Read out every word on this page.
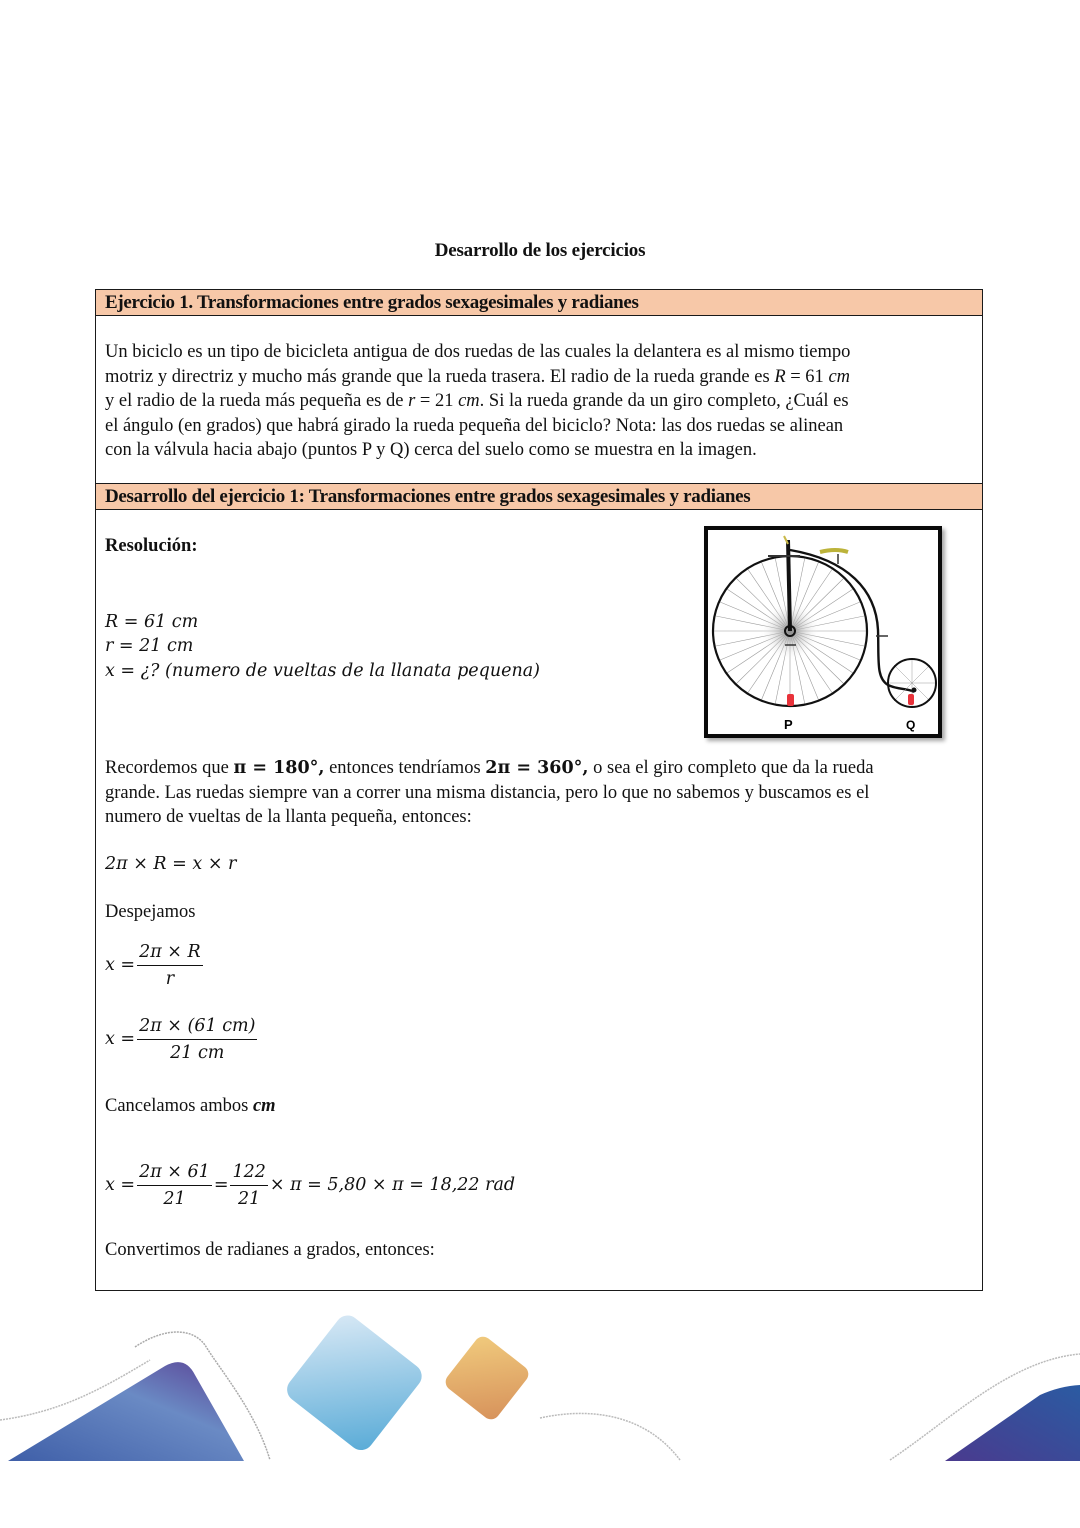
Desarrollo de los ejercicios
Ejercicio 1. Transformaciones entre grados sexagesimales y radianes
Un biciclo es un tipo de bicicleta antigua de dos ruedas de las cuales la delantera es al mismo tiempo
motriz y directriz y mucho más grande que la rueda trasera. El radio de la rueda grande es R = 61 cm
y el radio de la rueda más pequeña es de r = 21 cm. Si la rueda grande da un giro completo, ¿Cuál es
el ángulo (en grados) que habrá girado la rueda pequeña del biciclo? Nota: las dos ruedas se alinean
con la válvula hacia abajo (puntos P y Q) cerca del suelo como se muestra en la imagen.
Desarrollo del ejercicio 1: Transformaciones entre grados sexagesimales y radianes
Resolución:
R = 61 cm
r = 21 cm
x = ¿? (numero de vueltas de la llanata pequena)
P	Q
Recordemos que π = 180°, entonces tendríamos 2π = 360°, o sea el giro completo que da la rueda
grande. Las ruedas siempre van a correr una misma distancia, pero lo que no sabemos y buscamos es el
numero de vueltas de la llanta pequeña, entonces:
2π × R = x × r
Despejamos
$x = \frac{2\pi \times R}{r}$
$x = \frac{2\pi \times (61 cm)}{21 cm}$
Cancelamos ambos cm
$x = \frac{2\pi \times 61}{21} = \frac{122}{21} \times \pi = 5,80 \times \pi = 18,22$ rad
Convertimos de radianes a grados, entonces:
